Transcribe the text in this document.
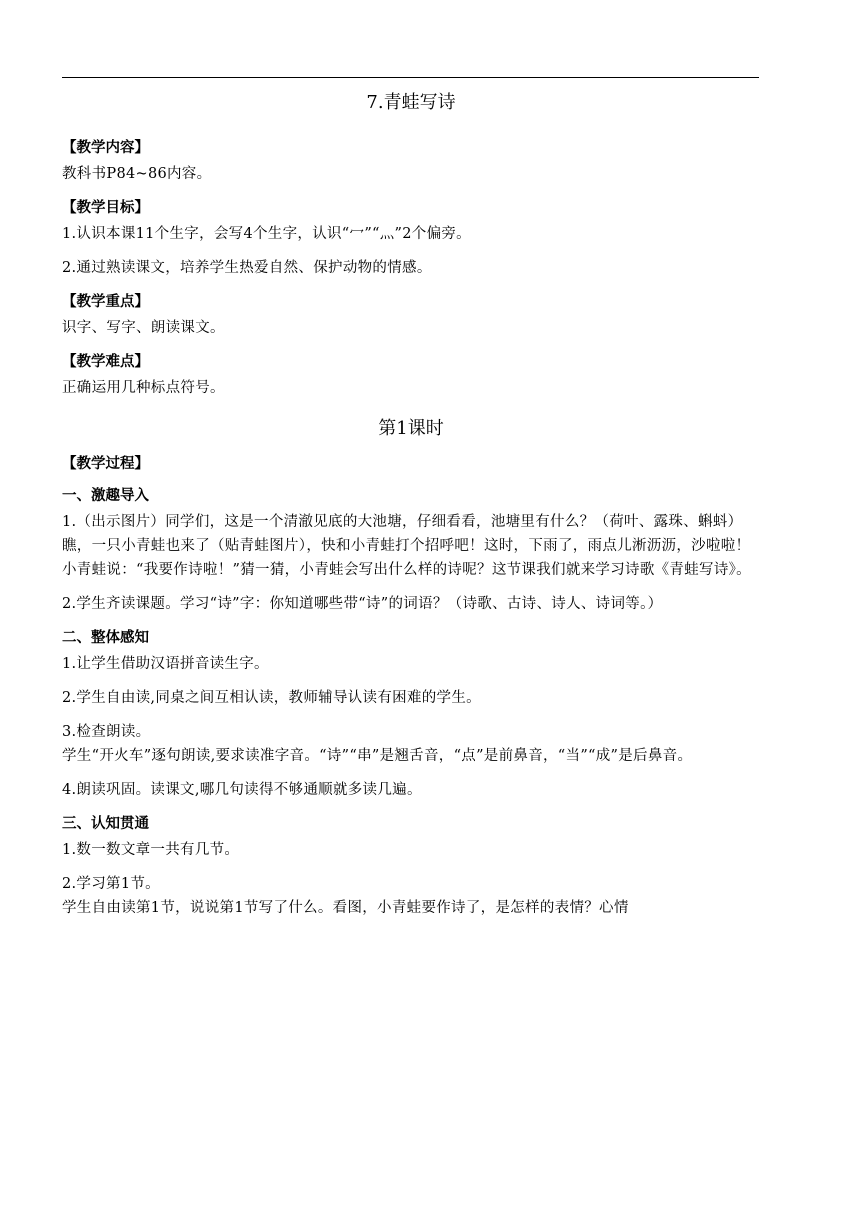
7.青蛙写诗
【教学内容】
教科书P84~86内容。
【教学目标】
1.认识本课11个生字，会写4个生字，认识“冖”“灬”2个偏旁。
2.通过熟读课文，培养学生热爱自然、保护动物的情感。
【教学重点】
识字、写字、朗读课文。
【教学难点】
正确运用几种标点符号。
第1课时
【教学过程】
一、激趣导入
1.（出示图片）同学们，这是一个清澈见底的大池塘，仔细看看，池塘里有什么？（荷叶、露珠、蝌蚪）瞧，一只小青蛙也来了（贴青蛙图片），快和小青蛙打个招呼吧！这时，下雨了，雨点儿淅沥沥，沙啦啦！小青蛙说：“我要作诗啦！”猜一猜，小青蛙会写出什么样的诗呢？这节课我们就来学习诗歌《青蛙写诗》。
2.学生齐读课题。学习“诗”字：你知道哪些带“诗”的词语？（诗歌、古诗、诗人、诗词等。）
二、整体感知
1.让学生借助汉语拼音读生字。
2.学生自由读,同桌之间互相认读，教师辅导认读有困难的学生。
3.检查朗读。
学生“开火车”逐句朗读,要求读准字音。“诗”“串”是翘舌音，“点”是前鼻音，“当”“成”是后鼻音。
4.朗读巩固。读课文,哪几句读得不够通顺就多读几遍。
三、认知贯通
1.数一数文章一共有几节。
2.学习第1节。
学生自由读第1节，说说第1节写了什么。看图，小青蛙要作诗了，是怎样的表情？心情
